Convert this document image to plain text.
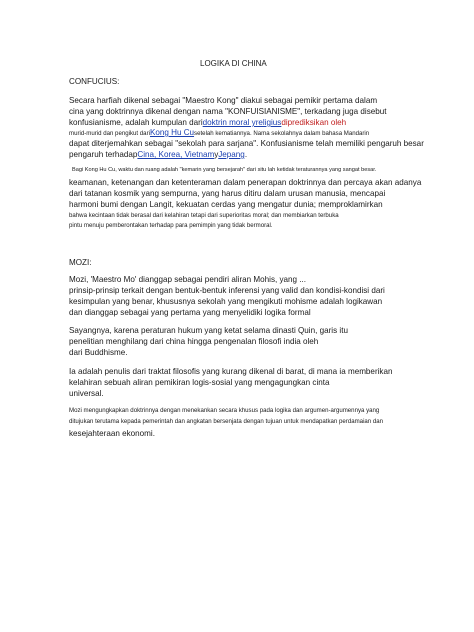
LOGIKA DI CHINA
CONFUCIUS:
Secara harfiah dikenal sebagai "Maestro Kong" diakui sebagai pemikir pertama dalam
cina yang doktrinnya dikenal dengan nama "KONFUISIANISME", terkadang juga disebut
konfusianisme, adalah kumpulan daridoktrin moral yreligiusdiprediksikan oleh
murid-murid dan pengikut dariKong Hu Cusetelah kematiannya. Nama sekolahnya dalam bahasa Mandarin
dapat diterjemahkan sebagai "sekolah para sarjana". Konfusianisme telah memiliki pengaruh besar
pengaruh terhadapCina, Korea, VietnamyJepang.
Bagi Kong Hu Cu, waktu dan ruang adalah "kemarin yang bersejarah" dari situ lah ketidak teraturannya yang sangat besar.
keamanan, ketenangan dan ketenteraman dalam penerapan doktrinnya dan percaya akan adanya
dari tatanan kosmik yang sempurna, yang harus ditiru dalam urusan manusia, mencapai
harmoni bumi dengan Langit, kekuatan cerdas yang mengatur dunia; memproklamirkan
bahwa kecintaan tidak berasal dari kelahiran tetapi dari superioritas moral; dan membiarkan terbuka
pintu menuju pemberontakan terhadap para pemimpin yang tidak bermoral.
MOZI:
Mozi, 'Maestro Mo' dianggap sebagai pendiri aliran Mohis, yang ...
prinsip-prinsip terkait dengan bentuk-bentuk inferensi yang valid dan kondisi-kondisi dari
kesimpulan yang benar, khususnya sekolah yang mengikuti mohisme adalah logikawan
dan dianggap sebagai yang pertama yang menyelidiki logika formal
Sayangnya, karena peraturan hukum yang ketat selama dinasti Quin, garis itu
penelitian menghilang dari china hingga pengenalan filosofi india oleh
dari Buddhisme.
Ia adalah penulis dari traktat filosofis yang kurang dikenal di barat, di mana ia memberikan
kelahiran sebuah aliran pemikiran logis-sosial yang mengagungkan cinta
universal.
Mozi mengungkapkan doktrinnya dengan menekankan secara khusus pada logika dan argumen-argumennya yang
ditujukan terutama kepada pemerintah dan angkatan bersenjata dengan tujuan untuk mendapatkan perdamaian dan
kesejahteraan ekonomi.
